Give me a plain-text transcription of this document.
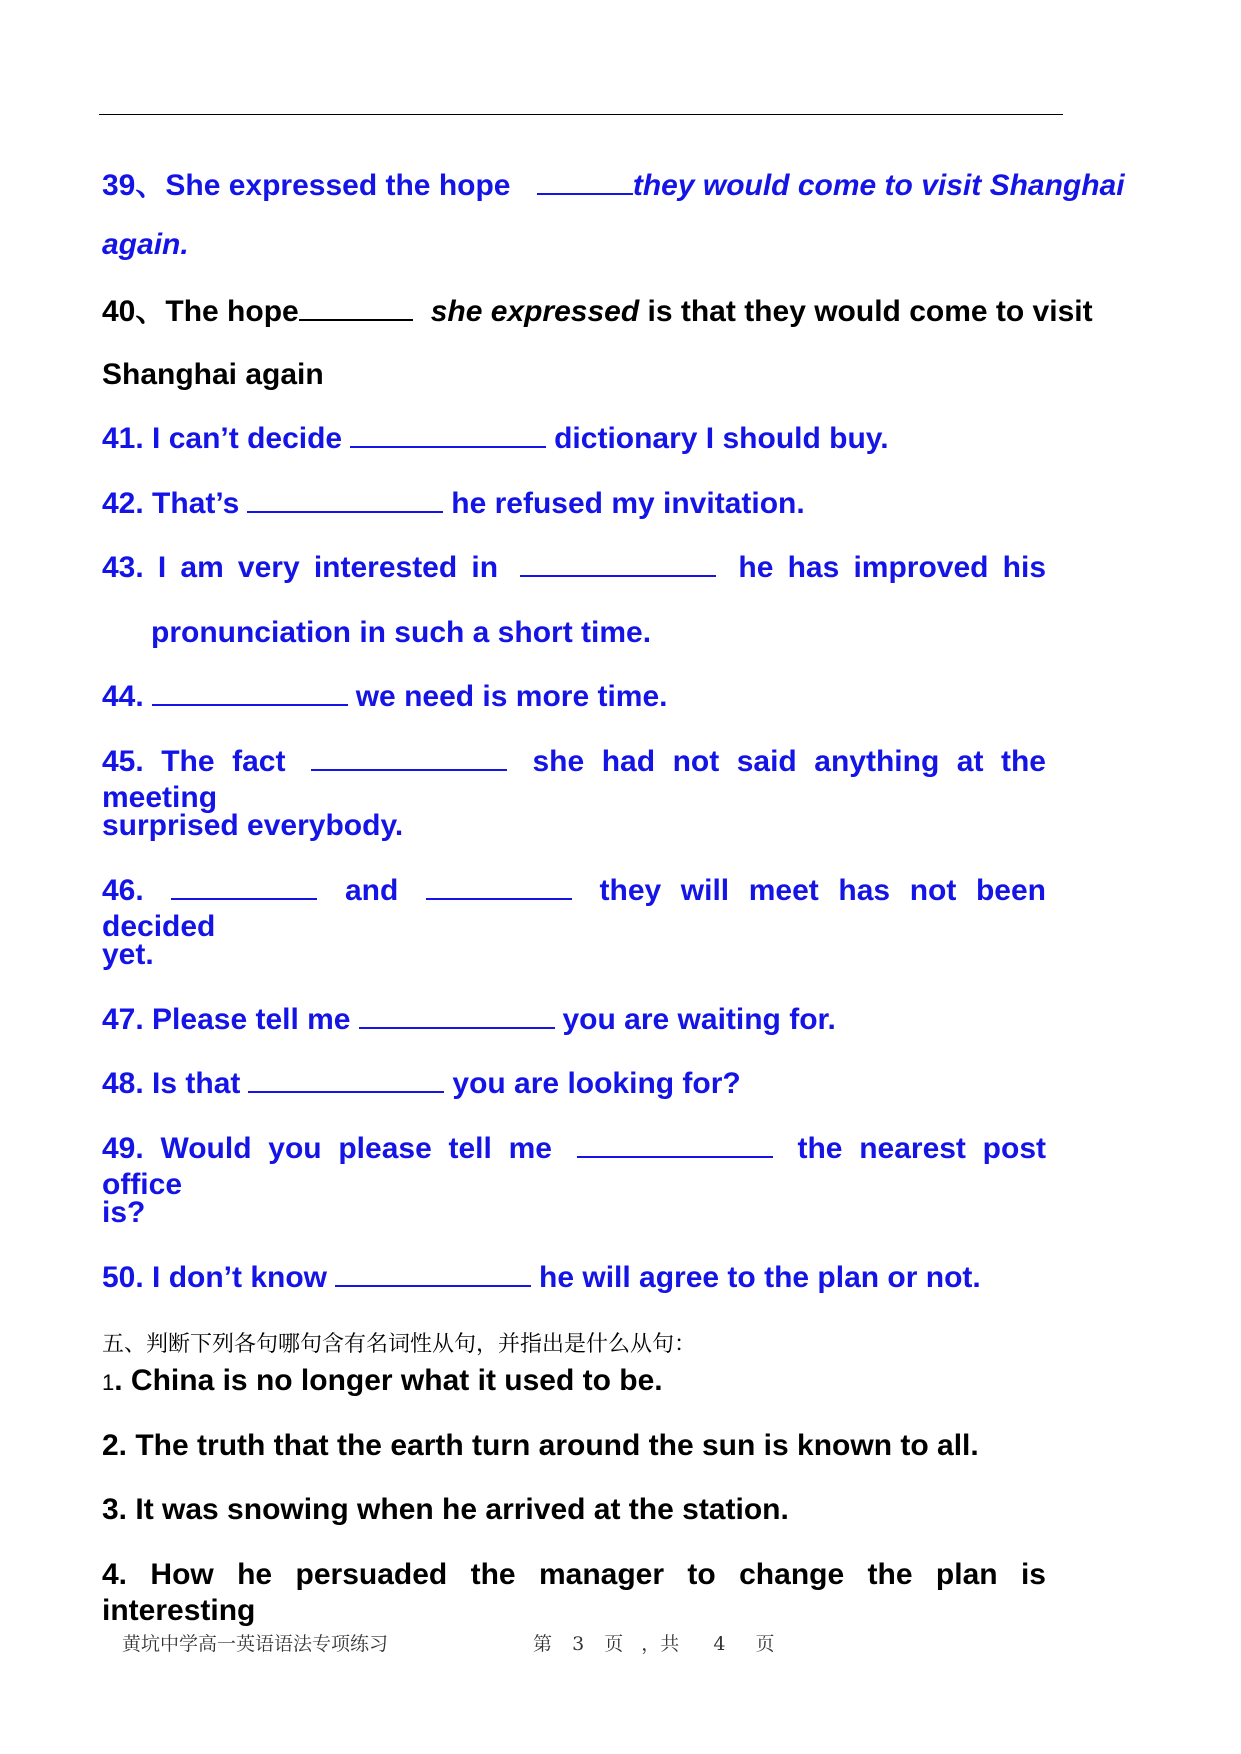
39、She expressed the hope	they would come to visit Shanghai
again.
40、The hope	she expressed is that they would come to visit
Shanghai again
41. I can’t decide	dictionary I should buy.
42. That’s	he refused my invitation.
43. I am very interested in	he has improved his
pronunciation in such a short time.
44.	we need is more time.
45. The fact	she had not said anything at the meeting
surprised everybody.
46.	and	they will meet has not been decided
yet.
47. Please tell me	you are waiting for.
48. Is that	you are looking for?
49. Would you please tell me	the nearest post office
is?
50. I don’t know	he will agree to the plan or not.
五、判断下列各句哪句含有名词性从句，并指出是什么从句：
1. China is no longer what it used to be.
2. The truth that the earth turn around the sun is known to all.
3. It was snowing when he arrived at the station.
4. How he persuaded the manager to change the plan is interesting
黄坑中学高一英语语法专项练习	第 3 页 ，共 4 页
